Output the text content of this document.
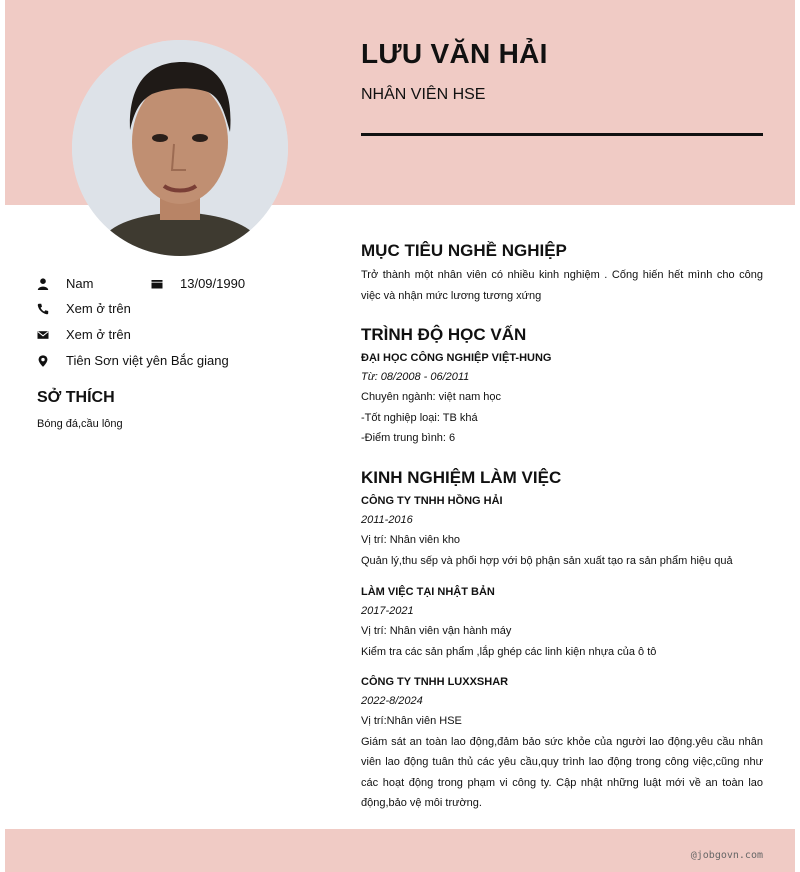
LƯU VĂN HẢI
NHÂN VIÊN HSE
Nam	13/09/1990
Xem ở trên
Xem ở trên
Tiên Sơn việt yên Bắc giang
SỞ THÍCH
Bóng đá,cầu lông
MỤC TIÊU NGHỀ NGHIỆP

Trở thành một nhân viên có nhiều kinh nghiệm . Cống hiến hết mình cho công việc và nhận mức lương tương xứng

TRÌNH ĐỘ HỌC VẤN

ĐẠI HỌC CÔNG NGHIỆP VIỆT-HUNG

Từ: 08/2008 - 06/2011

Chuyên ngành: việt nam học

-Tốt nghiệp loại: TB khá

-Điểm trung bình: 6

KINH NGHIỆM LÀM VIỆC

CÔNG TY TNHH HỒNG HẢI

2011-2016

Vị trí: Nhân viên kho

Quản lý,thu sếp và phối hợp với bộ phận sản xuất tạo ra sản phẩm hiệu quả

LÀM VIỆC TẠI NHẬT BẢN

2017-2021

Vị trí: Nhân viên vận hành máy

Kiểm tra các sản phẩm ,lắp ghép các linh kiện nhựa của ô tô

CÔNG TY TNHH LUXXSHAR

2022-8/2024

Vị trí:Nhân viên HSE

Giám sát an toàn lao động,đảm bảo sức khỏe của người lao động.yêu cầu nhân viên lao động tuân thủ các yêu cầu,quy trình lao động trong công việc,cũng như các hoạt động trong phạm vi công ty. Cập nhật những luật mới về an toàn lao động,bảo vệ môi trường.

@jobgovn.com
